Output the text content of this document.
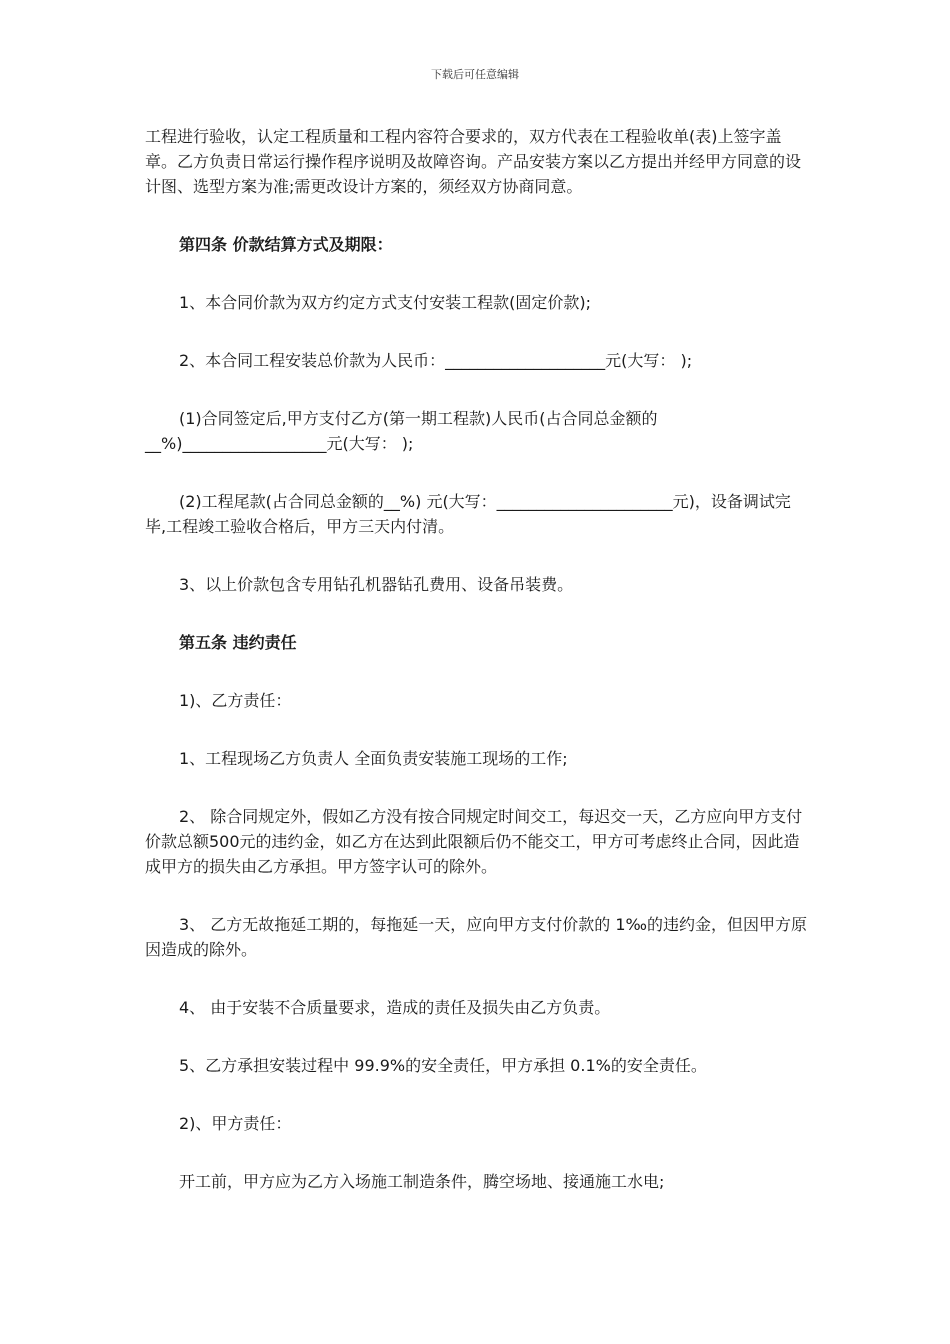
下载后可任意编辑

工程进行验收，认定工程质量和工程内容符合要求的，双方代表在工程验收单(表)上签字盖章。乙方负责日常运行操作程序说明及故障咨询。产品安装方案以乙方提出并经甲方同意的设计图、选型方案为准;需更改设计方案的，须经双方协商同意。

第四条 价款结算方式及期限：

1、本合同价款为双方约定方式支付安装工程款(固定价款);

2、本合同工程安装总价款为人民币：____________________元(大写： );

(1)合同签定后,甲方支付乙方(第一期工程款)人民币(占合同总金额的__%)__________________元(大写： );

(2)工程尾款(占合同总金额的__%) 元(大写：______________________元)，设备调试完毕,工程竣工验收合格后，甲方三天内付清。

3、以上价款包含专用钻孔机器钻孔费用、设备吊装费。

第五条 违约责任

1)、乙方责任：

1、工程现场乙方负责人 全面负责安装施工现场的工作;

2、 除合同规定外，假如乙方没有按合同规定时间交工，每迟交一天，乙方应向甲方支付价款总额500元的违约金，如乙方在达到此限额后仍不能交工，甲方可考虑终止合同，因此造成甲方的损失由乙方承担。甲方签字认可的除外。

3、 乙方无故拖延工期的，每拖延一天，应向甲方支付价款的 1‰的违约金，但因甲方原因造成的除外。

4、 由于安装不合质量要求，造成的责任及损失由乙方负责。

5、乙方承担安装过程中 99.9%的安全责任，甲方承担 0.1%的安全责任。

2)、甲方责任：

开工前，甲方应为乙方入场施工制造条件，腾空场地、接通施工水电;
